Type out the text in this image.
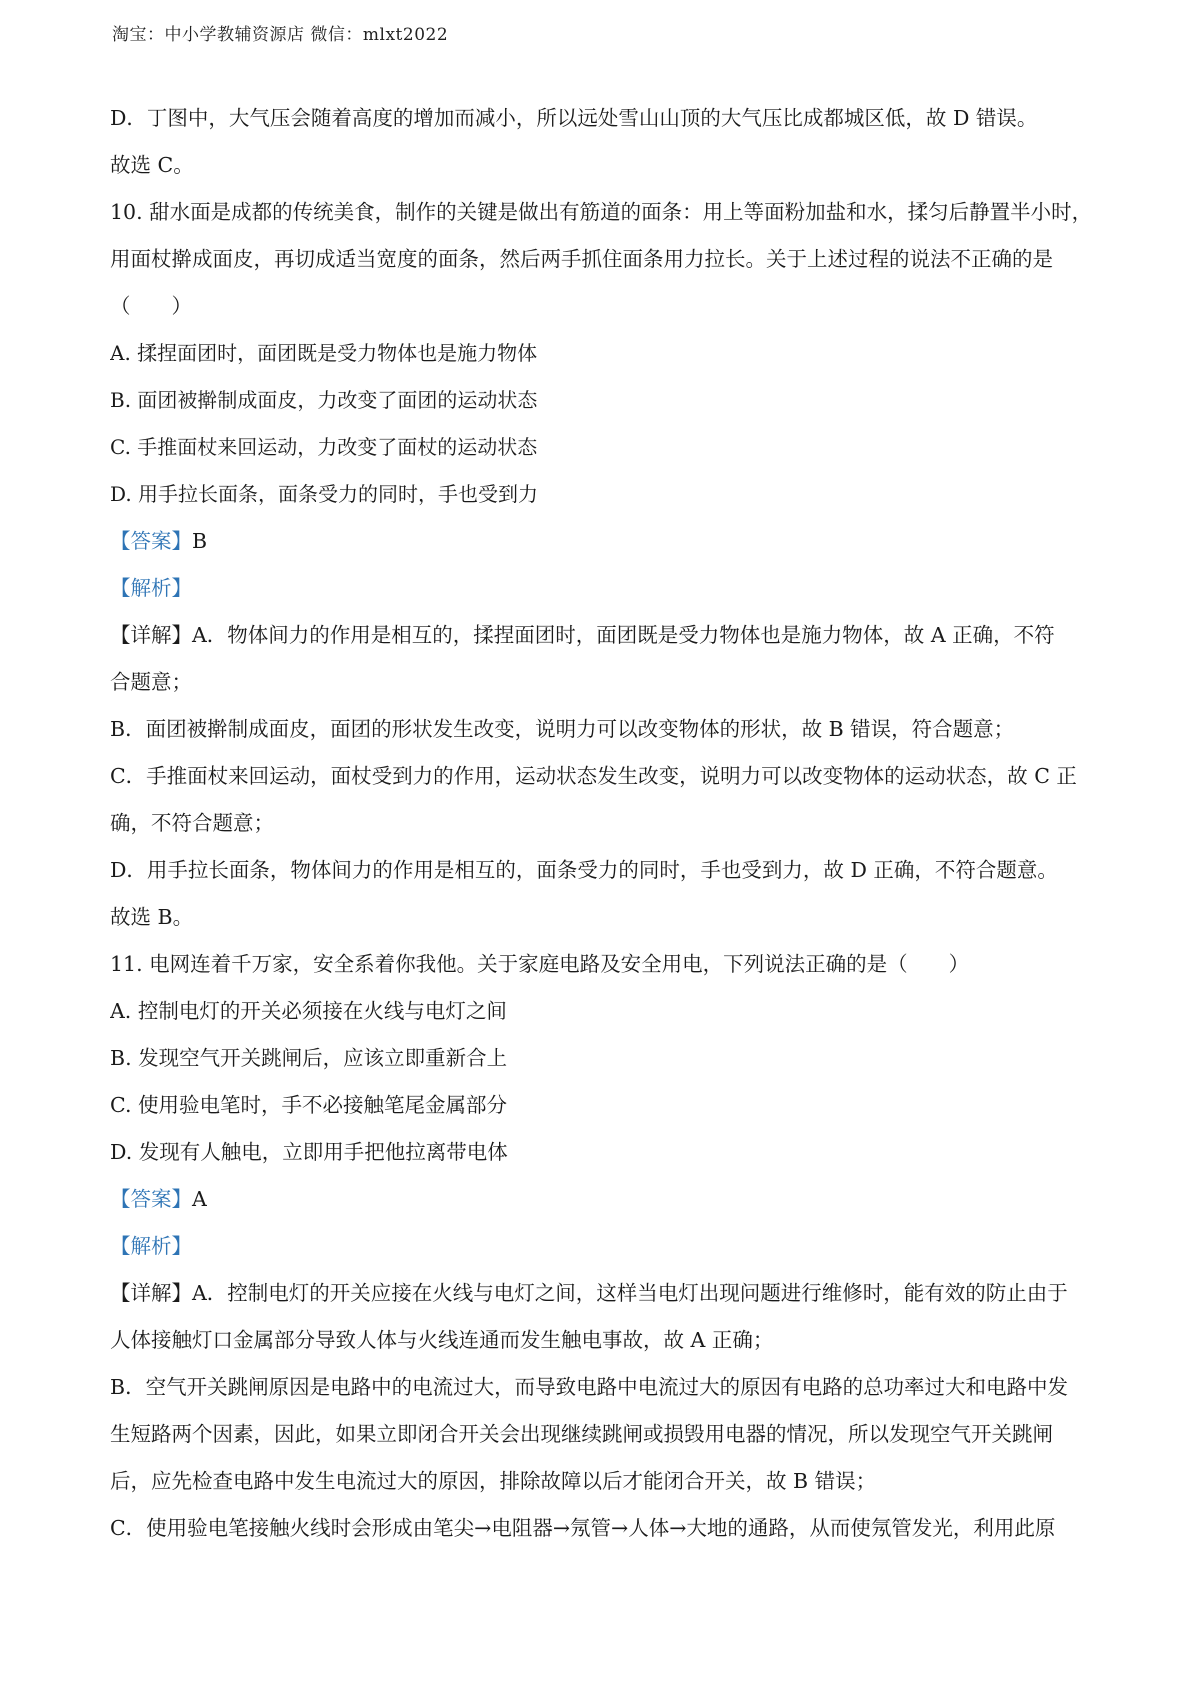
淘宝：中小学教辅资源店 微信：mlxt2022
D．丁图中，大气压会随着高度的增加而减小，所以远处雪山山顶的大气压比成都城区低，故 D 错误。
故选 C。
10. 甜水面是成都的传统美食，制作的关键是做出有筋道的面条：用上等面粉加盐和水，揉匀后静置半小时，
用面杖擀成面皮，再切成适当宽度的面条，然后两手抓住面条用力拉长。关于上述过程的说法不正确的是
（　　）
A. 揉捏面团时，面团既是受力物体也是施力物体
B. 面团被擀制成面皮，力改变了面团的运动状态
C. 手推面杖来回运动，力改变了面杖的运动状态
D. 用手拉长面条，面条受力的同时，手也受到力
【答案】B
【解析】
【详解】A．物体间力的作用是相互的，揉捏面团时，面团既是受力物体也是施力物体，故 A 正确，不符
合题意；
B．面团被擀制成面皮，面团的形状发生改变，说明力可以改变物体的形状，故 B 错误，符合题意；
C．手推面杖来回运动，面杖受到力的作用，运动状态发生改变，说明力可以改变物体的运动状态，故 C 正
确，不符合题意；
D．用手拉长面条，物体间力的作用是相互的，面条受力的同时，手也受到力，故 D 正确，不符合题意。
故选 B。
11. 电网连着千万家，安全系着你我他。关于家庭电路及安全用电，下列说法正确的是（　　）
A. 控制电灯的开关必须接在火线与电灯之间
B. 发现空气开关跳闸后，应该立即重新合上
C. 使用验电笔时，手不必接触笔尾金属部分
D. 发现有人触电，立即用手把他拉离带电体
【答案】A
【解析】
【详解】A．控制电灯的开关应接在火线与电灯之间，这样当电灯出现问题进行维修时，能有效的防止由于
人体接触灯口金属部分导致人体与火线连通而发生触电事故，故 A 正确；
B．空气开关跳闸原因是电路中的电流过大，而导致电路中电流过大的原因有电路的总功率过大和电路中发
生短路两个因素，因此，如果立即闭合开关会出现继续跳闸或损毁用电器的情况，所以发现空气开关跳闸
后，应先检查电路中发生电流过大的原因，排除故障以后才能闭合开关，故 B 错误；
C．使用验电笔接触火线时会形成由笔尖→电阻器→氖管→人体→大地的通路，从而使氖管发光，利用此原
